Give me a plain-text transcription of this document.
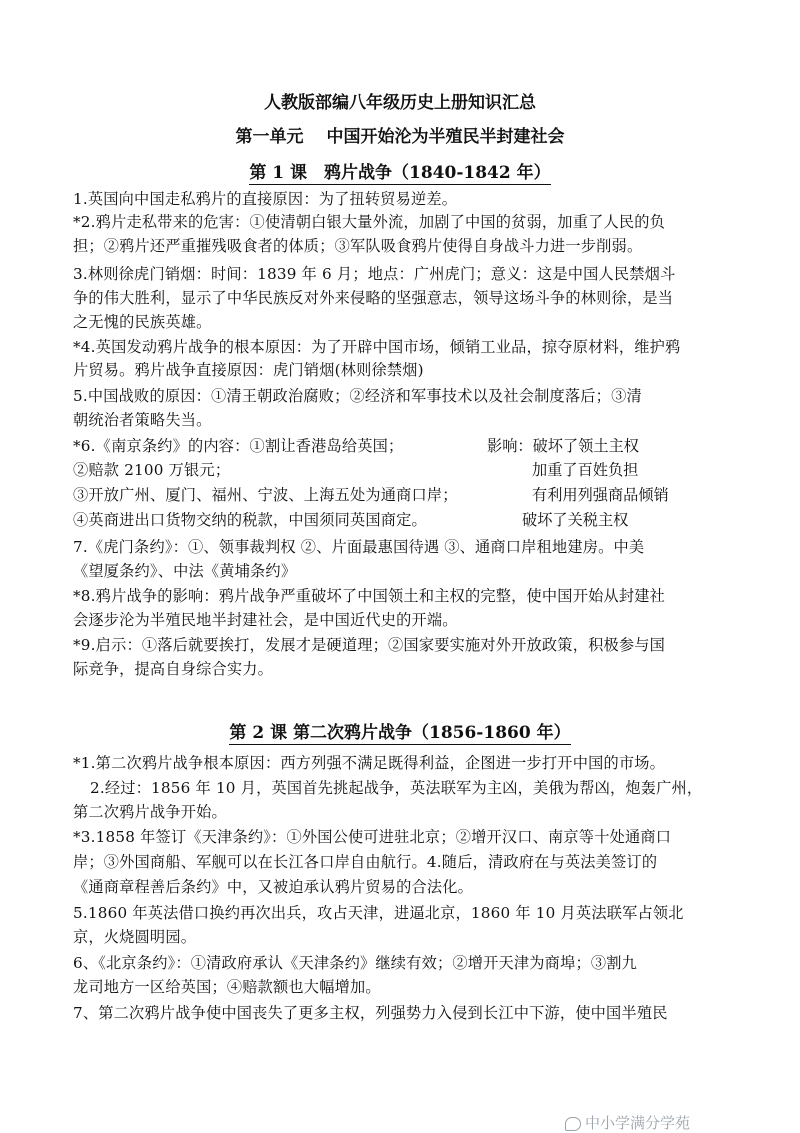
人教版部编八年级历史上册知识汇总
第一单元　 中国开始沦为半殖民半封建社会
第 1 课　鸦片战争（1840-1842 年）
1.英国向中国走私鸦片的直接原因：为了扭转贸易逆差。
*2.鸦片走私带来的危害：①使清朝白银大量外流，加剧了中国的贫弱，加重了人民的负
担；②鸦片还严重摧残吸食者的体质；③军队吸食鸦片使得自身战斗力进一步削弱。
3.林则徐虎门销烟：时间：1839 年 6 月；地点：广州虎门；意义：这是中国人民禁烟斗
争的伟大胜利，显示了中华民族反对外来侵略的坚强意志，领导这场斗争的林则徐，是当
之无愧的民族英雄。
*4.英国发动鸦片战争的根本原因：为了开辟中国市场，倾销工业品，掠夺原材料，维护鸦
片贸易。鸦片战争直接原因：虎门销烟(林则徐禁烟)
5.中国战败的原因：①清王朝政治腐败；②经济和军事技术以及社会制度落后；③清
朝统治者策略失当。
*6.《南京条约》的内容：①割让香港岛给英国；
②赔款 2100 万银元；
③开放广州、厦门、福州、宁波、上海五处为通商口岸；
④英商进出口货物交纳的税款，中国须同英国商定。
影响：破坏了领土主权
加重了百姓负担
有利用列强商品倾销
破坏了关税主权
7.《虎门条约》：①、领事裁判权 ②、片面最惠国待遇 ③、通商口岸租地建房。中美
《望厦条约》、中法《黄埔条约》
*8.鸦片战争的影响：鸦片战争严重破坏了中国领土和主权的完整，使中国开始从封建社
会逐步沦为半殖民地半封建社会，是中国近代史的开端。
*9.启示：①落后就要挨打，发展才是硬道理；②国家要实施对外开放政策，积极参与国
际竞争，提高自身综合实力。
第 2 课 第二次鸦片战争（1856-1860 年）
*1.第二次鸦片战争根本原因：西方列强不满足既得利益，企图进一步打开中国的市场。
2.经过：1856 年 10 月，英国首先挑起战争，英法联军为主凶，美俄为帮凶，炮轰广州，
第二次鸦片战争开始。
*3.1858 年签订《天津条约》：①外国公使可进驻北京；②增开汉口、南京等十处通商口
岸；③外国商船、军舰可以在长江各口岸自由航行。4.随后，清政府在与英法美签订的
《通商章程善后条约》中，又被迫承认鸦片贸易的合法化。
5.1860 年英法借口换约再次出兵，攻占天津，进逼北京，1860 年 10 月英法联军占领北
京，火烧圆明园。
6、《北京条约》：①清政府承认《天津条约》继续有效；②增开天津为商埠；③割九
龙司地方一区给英国；④赔款额也大幅增加。
7、第二次鸦片战争使中国丧失了更多主权，列强势力入侵到长江中下游，使中国半殖民
中小学满分学苑
